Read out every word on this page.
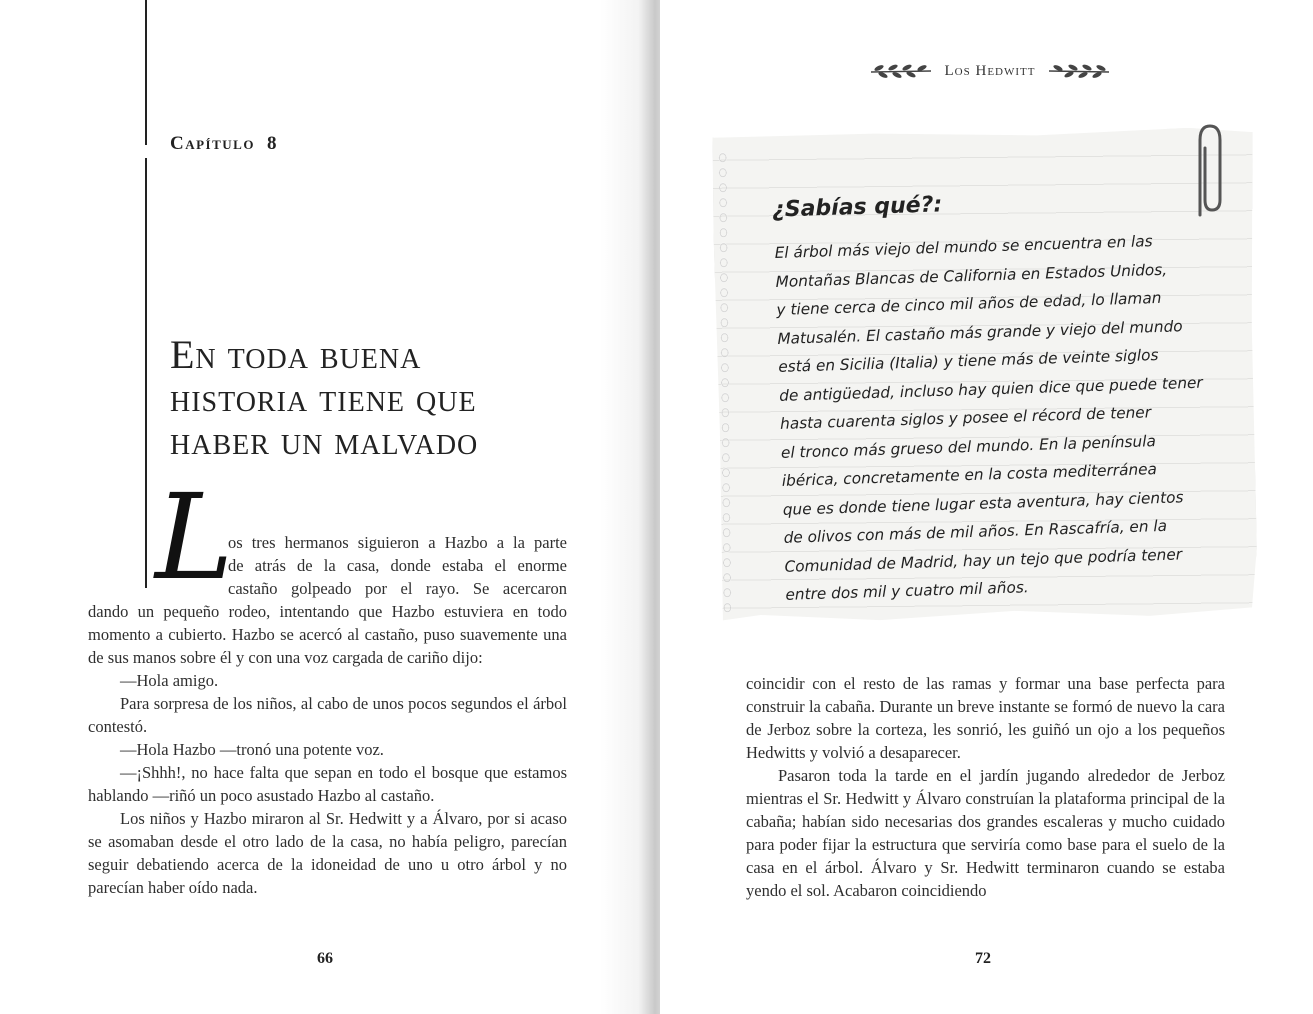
Capítulo 8
En toda buena
historia tiene que
haber un malvado
L
os tres hermanos siguieron a Hazbo a la parte
de atrás de la casa, donde estaba el enorme
castaño golpeado por el rayo. Se acercaron

dando un pequeño rodeo, intentando que Hazbo estuviera en todo momento a cubierto. Hazbo se acercó al castaño, puso suavemente una de sus manos sobre él y con una voz cargada de cariño dijo:

—Hola amigo.

Para sorpresa de los niños, al cabo de unos pocos segundos el árbol contestó.

—Hola Hazbo —tronó una potente voz.

—¡Shhh!, no hace falta que sepan en todo el bosque que estamos hablando —riñó un poco asustado Hazbo al castaño.

Los niños y Hazbo miraron al Sr. Hedwitt y a Álvaro, por si acaso se asomaban desde el otro lado de la casa, no había peligro, parecían seguir debatiendo acerca de la idoneidad de uno u otro árbol y no parecían haber oído nada.

66
Los Hedwitt
¿Sabías qué?:

El árbol más viejo del mundo se encuentra en las
Montañas Blancas de California en Estados Unidos,
y tiene cerca de cinco mil años de edad, lo llaman
Matusalén. El castaño más grande y viejo del mundo
está en Sicilia (Italia) y tiene más de veinte siglos
de antigüedad, incluso hay quien dice que puede tener
hasta cuarenta siglos y posee el récord de tener
el tronco más grueso del mundo. En la península
ibérica, concretamente en la costa mediterránea
que es donde tiene lugar esta aventura, hay cientos
de olivos con más de mil años. En Rascafría, en la
Comunidad de Madrid, hay un tejo que podría tener
entre dos mil y cuatro mil años.

coincidir con el resto de las ramas y formar una base perfecta para construir la cabaña. Durante un breve instante se formó de nuevo la cara de Jerboz sobre la corteza, les sonrió, les guiñó un ojo a los pequeños Hedwitts y volvió a desaparecer.

Pasaron toda la tarde en el jardín jugando alrededor de Jerboz mientras el Sr. Hedwitt y Álvaro construían la plataforma principal de la cabaña; habían sido necesarias dos grandes escaleras y mucho cuidado para poder fijar la estructura que serviría como base para el suelo de la casa en el árbol. Álvaro y Sr. Hedwitt terminaron cuando se estaba yendo el sol. Acabaron coincidiendo

72
